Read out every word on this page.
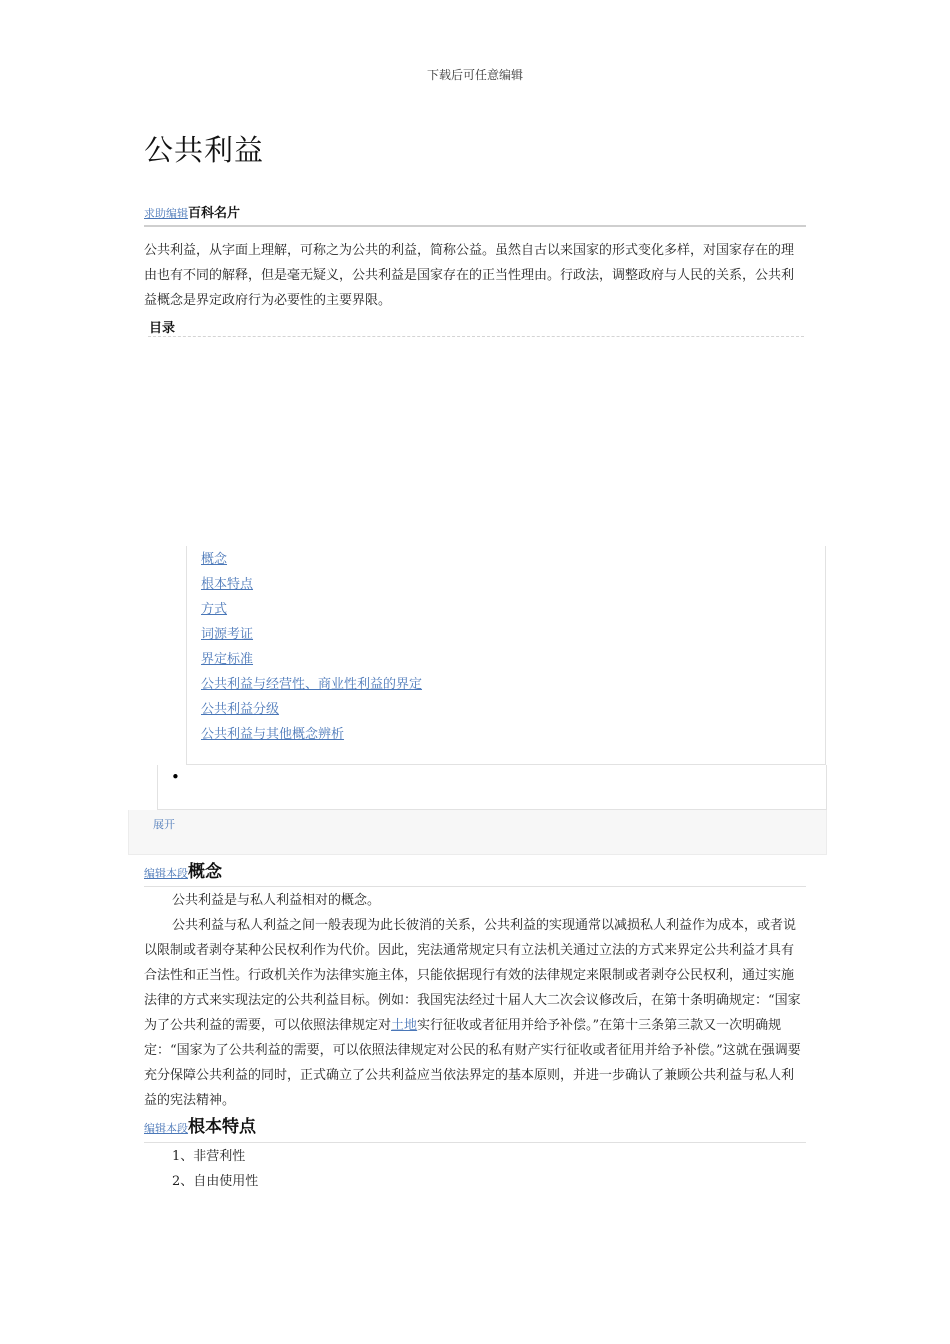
下载后可任意编辑
公共利益
求助编辑百科名片
公共利益，从字面上理解，可称之为公共的利益，简称公益。虽然自古以来国家的形式变化多样，对国家存在的理由也有不同的解释，但是毫无疑义，公共利益是国家存在的正当性理由。行政法，调整政府与人民的关系，公共利益概念是界定政府行为必要性的主要界限。
目录
概念
根本特点
方式
词源考证
界定标准
公共利益与经营性、商业性利益的界定
公共利益分级
公共利益与其他概念辨析
•
展开
编辑本段概念
公共利益是与私人利益相对的概念。
公共利益与私人利益之间一般表现为此长彼消的关系，公共利益的实现通常以减损私人利益作为成本，或者说以限制或者剥夺某种公民权利作为代价。因此，宪法通常规定只有立法机关通过立法的方式来界定公共利益才具有合法性和正当性。行政机关作为法律实施主体，只能依据现行有效的法律规定来限制或者剥夺公民权利，通过实施法律的方式来实现法定的公共利益目标。例如：我国宪法经过十届人大二次会议修改后，在第十条明确规定：“国家为了公共利益的需要，可以依照法律规定对土地实行征收或者征用并给予补偿。”在第十三条第三款又一次明确规定：“国家为了公共利益的需要，可以依照法律规定对公民的私有财产实行征收或者征用并给予补偿。”这就在强调要充分保障公共利益的同时，正式确立了公共利益应当依法界定的基本原则，并进一步确认了兼顾公共利益与私人利益的宪法精神。
编辑本段根本特点
1、非营利性
2、自由使用性
